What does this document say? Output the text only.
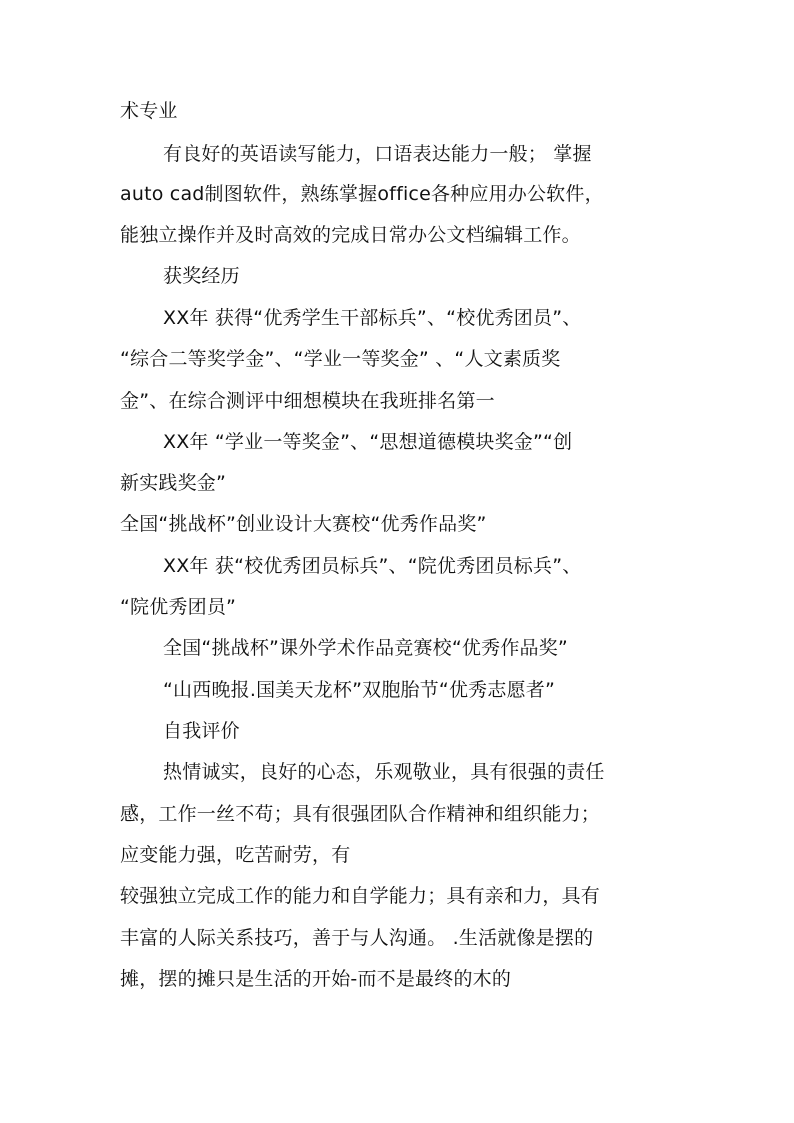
术专业
有良好的英语读写能力，口语表达能力一般； 掌握
auto cad制图软件，熟练掌握office各种应用办公软件，
能独立操作并及时高效的完成日常办公文档编辑工作。
获奖经历
XX年 获得“优秀学生干部标兵”、“校优秀团员”、
“综合二等奖学金”、“学业一等奖金” 、“人文素质奖
金”、在综合测评中细想模块在我班排名第一
XX年 “学业一等奖金”、“思想道德模块奖金”“创
新实践奖金”
全国“挑战杯”创业设计大赛校“优秀作品奖”
XX年 获“校优秀团员标兵”、“院优秀团员标兵”、
“院优秀团员”
全国“挑战杯”课外学术作品竞赛校“优秀作品奖”
“山西晚报.国美天龙杯”双胞胎节“优秀志愿者”
自我评价
热情诚实，良好的心态，乐观敬业，具有很强的责任
感，工作一丝不苟；具有很强团队合作精神和组织能力；
应变能力强，吃苦耐劳，有
较强独立完成工作的能力和自学能力；具有亲和力，具有
丰富的人际关系技巧，善于与人沟通。 .生活就像是摆的
摊，摆的摊只是生活的开始-而不是最终的木的
